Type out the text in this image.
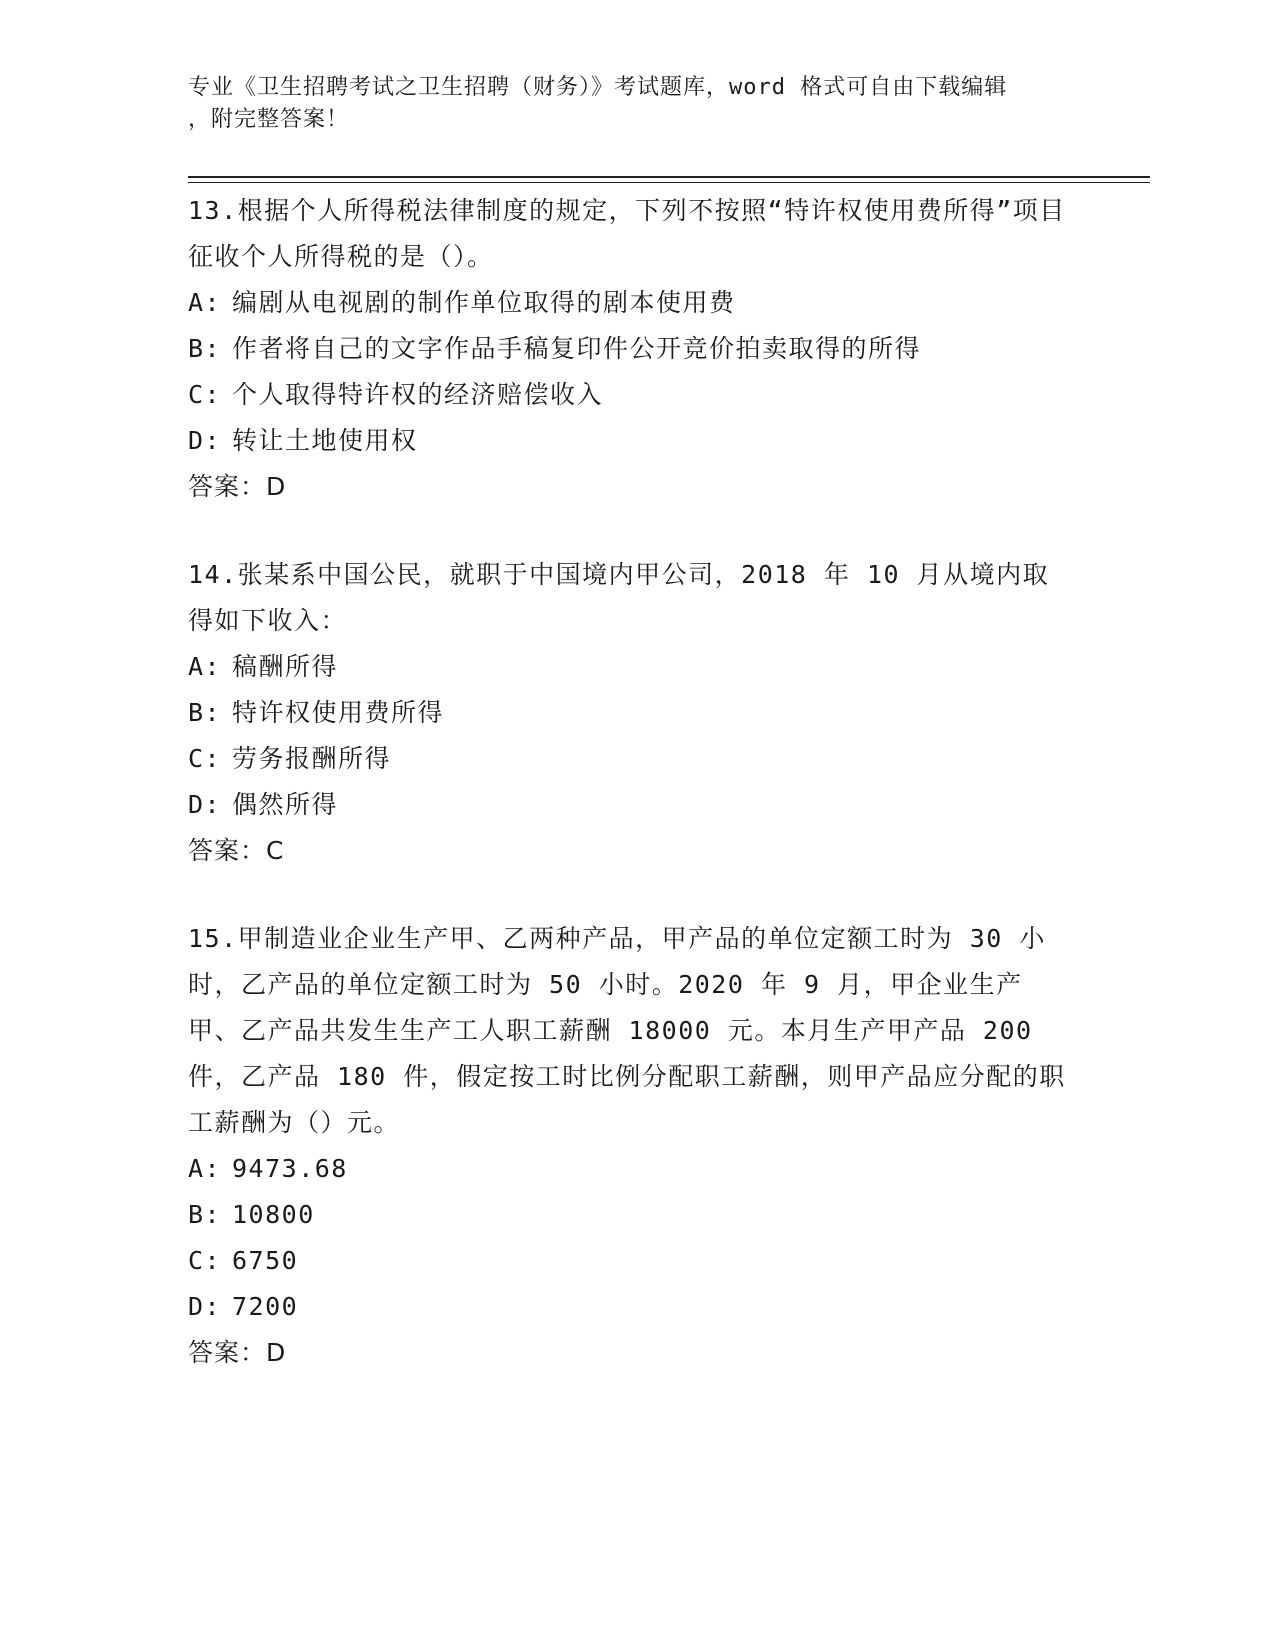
专业《卫生招聘考试之卫生招聘（财务）》考试题库，word 格式可自由下载编辑
，附完整答案！
13.根据个人所得税法律制度的规定，下列不按照“特许权使用费所得”项目征收个人所得税的是（）。
A: 编剧从电视剧的制作单位取得的剧本使用费
B: 作者将自己的文字作品手稿复印件公开竞价拍卖取得的所得
C: 个人取得特许权的经济赔偿收入
D: 转让土地使用权
答案：D
14.张某系中国公民，就职于中国境内甲公司，2018 年 10 月从境内取得如下收入：
A: 稿酬所得
B: 特许权使用费所得
C: 劳务报酬所得
D: 偶然所得
答案：C
15.甲制造业企业生产甲、乙两种产品，甲产品的单位定额工时为 30 小时，乙产品的单位定额工时为 50 小时。2020 年 9 月，甲企业生产甲、乙产品共发生生产工人职工薪酬 18000 元。本月生产甲产品 200 件，乙产品 180 件，假定按工时比例分配职工薪酬，则甲产品应分配的职工薪酬为（）元。
A: 9473.68
B: 10800
C: 6750
D: 7200
答案：D
